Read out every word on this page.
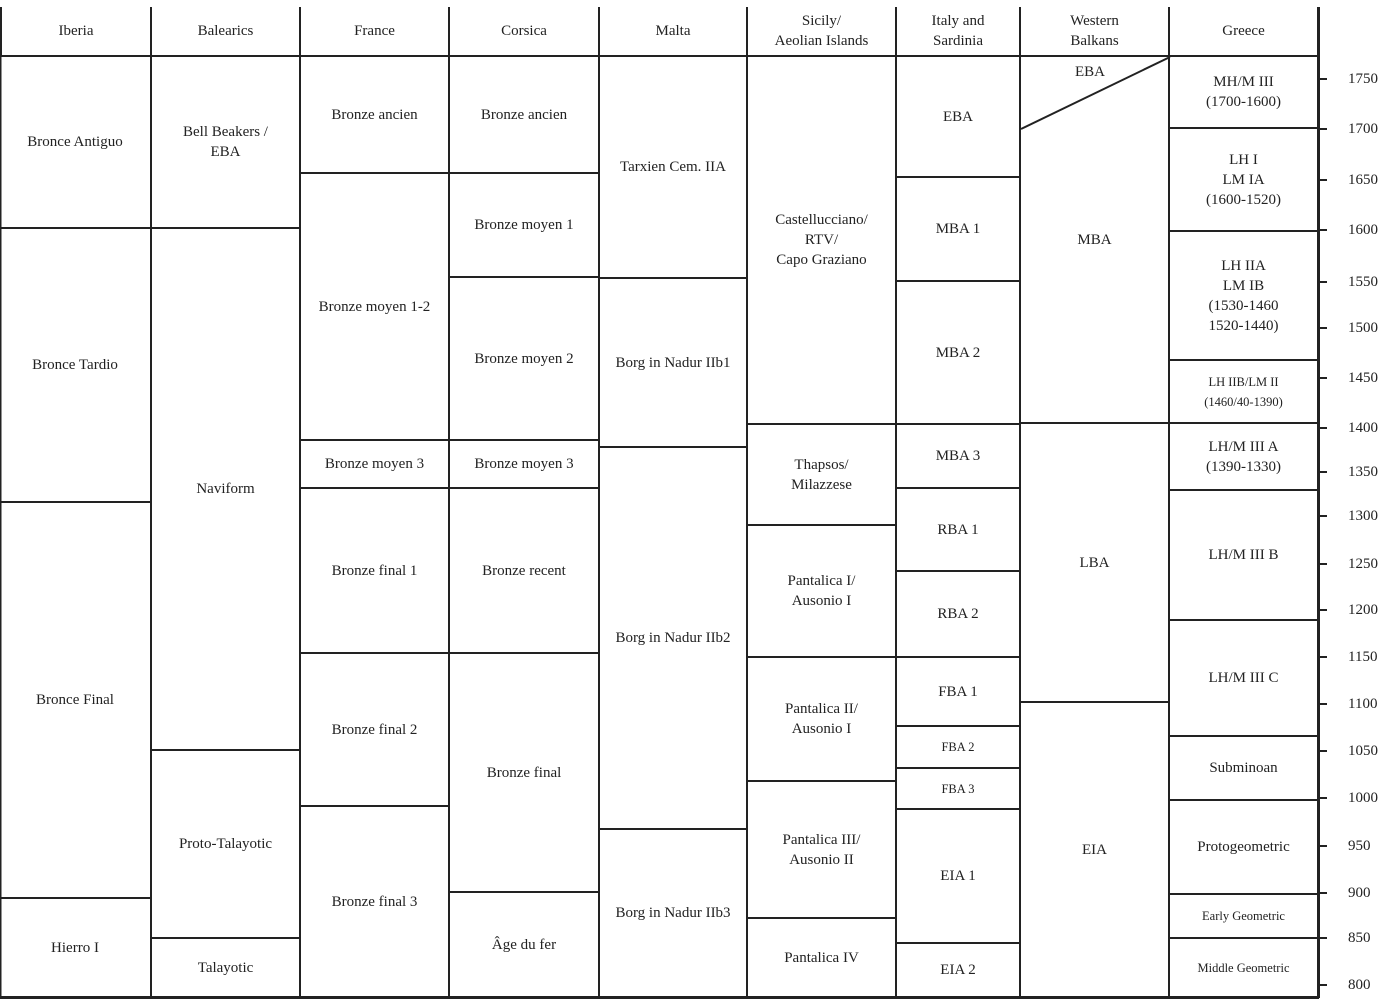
Iberia
Bronce Antiguo
Bronce Tardio
Bronce Final
Hierro I
Balearics
Bell Beakers /
EBA
Naviform
Proto-Talayotic
Talayotic
France
Bronze ancien
Bronze moyen 1-2
Bronze moyen 3
Bronze final 1
Bronze final 2
Bronze final 3
Corsica
Bronze ancien
Bronze moyen 1
Bronze moyen 2
Bronze moyen 3
Bronze recent
Bronze final
Âge du fer
Malta
Tarxien Cem. IIA
Borg in Nadur IIb1
Borg in Nadur IIb2
Borg in Nadur IIb3
Sicily/
Aeolian Islands
Castellucciano/
RTV/
Capo Graziano
Thapsos/
Milazzese
Pantalica I/
Ausonio I
Pantalica II/
Ausonio I
Pantalica III/
Ausonio II
Pantalica IV
Italy and
Sardinia
EBA
MBA 1
MBA 2
MBA 3
RBA 1
RBA 2
FBA 1
FBA 2
FBA 3
EIA 1
EIA 2
Western
Balkans
MBA
LBA
EIA
Greece
MH/M III
(1700-1600)
LH I
LM IA
(1600-1520)
LH IIA
LM IB
(1530-1460
1520-1440)
LH IIB/LM II
(1460/40-1390)
LH/M III A
(1390-1330)
LH/M III B
LH/M III C
Subminoan
Protogeometric
Early Geometric
Middle Geometric
EBA	1750
1700
1650
1600
1550
1500
1450
1400
1350
1300
1250
1200
1150
1100
1050
1000
950
900
850
800
